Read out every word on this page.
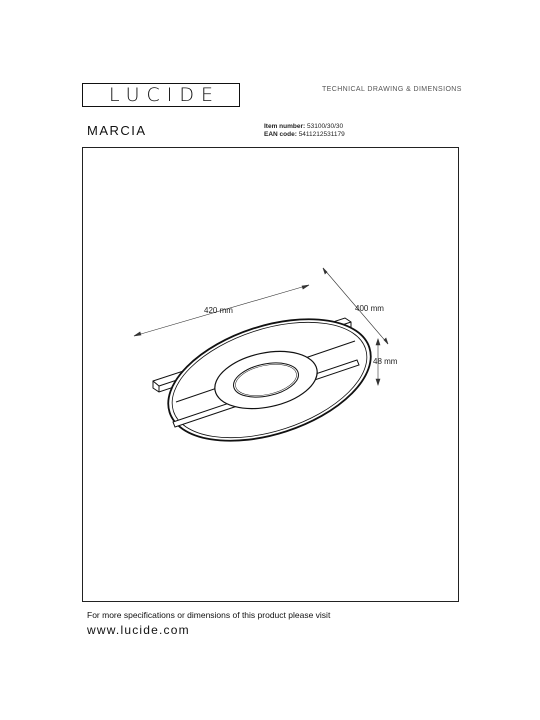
LUCIDE	TECHNICAL DRAWING & DIMENSIONS
MARCIA	Item number: 53100/30/30
EAN code: 5411212531179
420 mm	400 mm
48 mm
For more specifications or dimensions of this product please visit
www.lucide.com
